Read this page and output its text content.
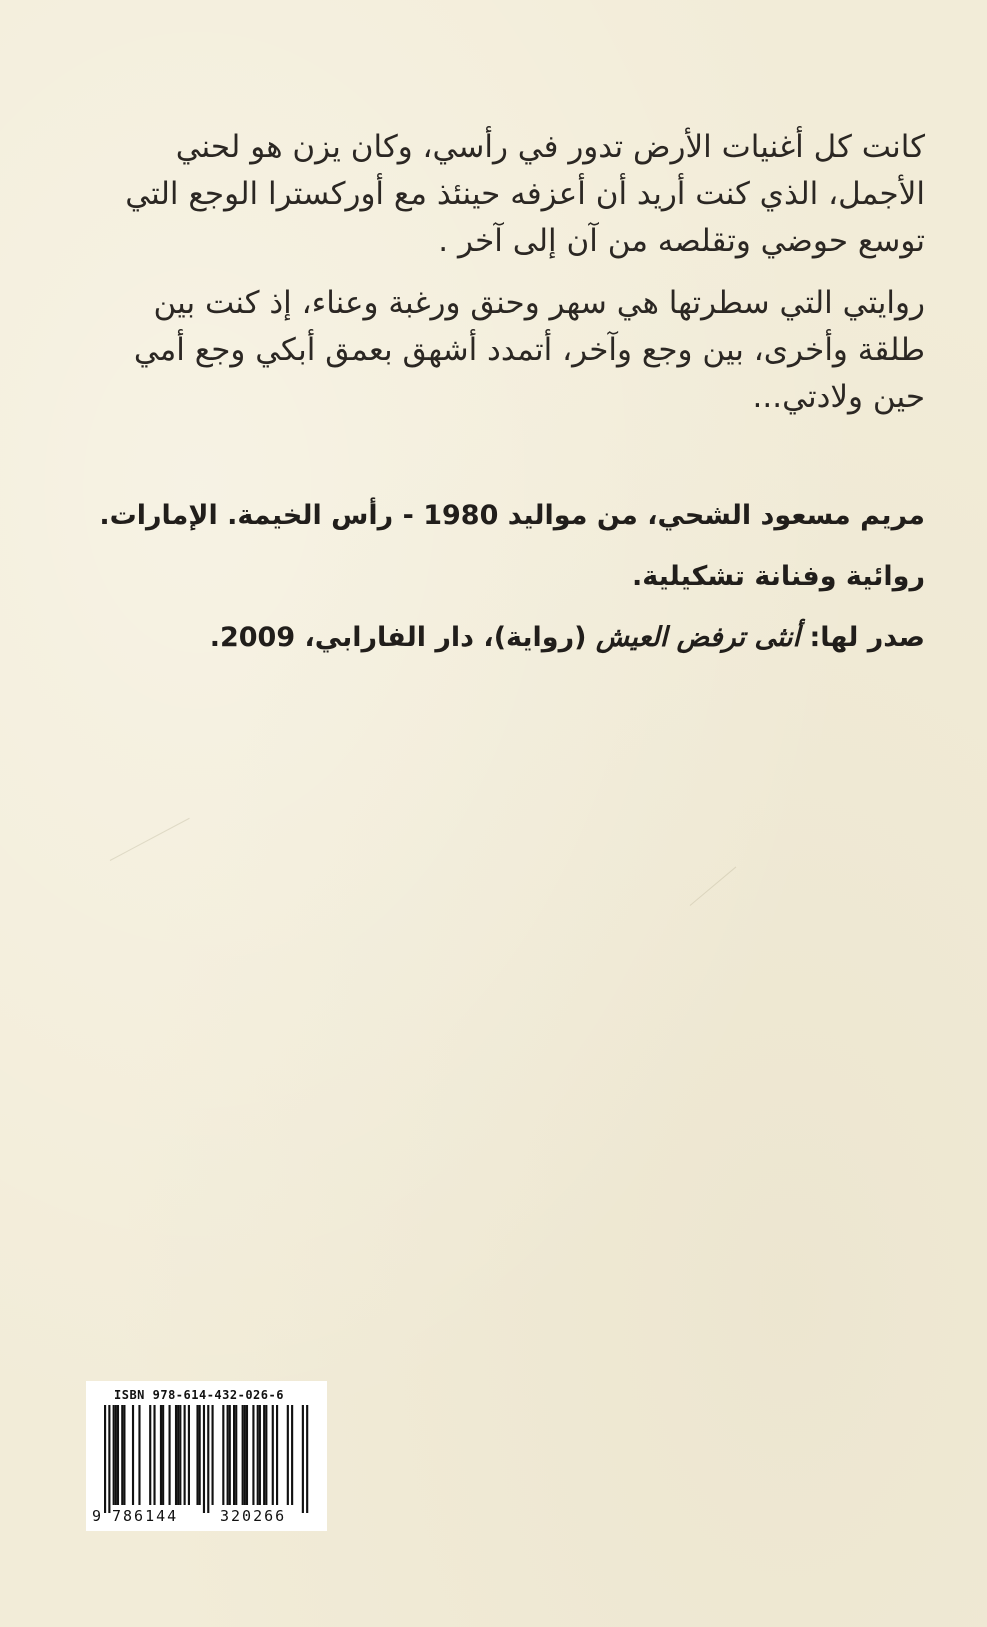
كانت كل أغنيات الأرض تدور في رأسي، وكان يزن هو لحني الأجمل، الذي كنت أريد أن أعزفه حينئذ مع أوركسترا الوجع التي توسع حوضي وتقلصه من آن إلى آخر .

روايتي التي سطرتها هي سهر وحنق ورغبة وعناء، إذ كنت بين طلقة وأخرى، بين وجع وآخر، أتمدد أشهق بعمق أبكي وجع أمي حين ولادتي...

مريم مسعود الشحي، من مواليد 1980 - رأس الخيمة. الإمارات.
روائية وفنانة تشكيلية.
صدر لها: أنثى ترفض العيش (رواية)، دار الفارابي، 2009.
ISBN 978-614-432-026-6
9 786144	320266
